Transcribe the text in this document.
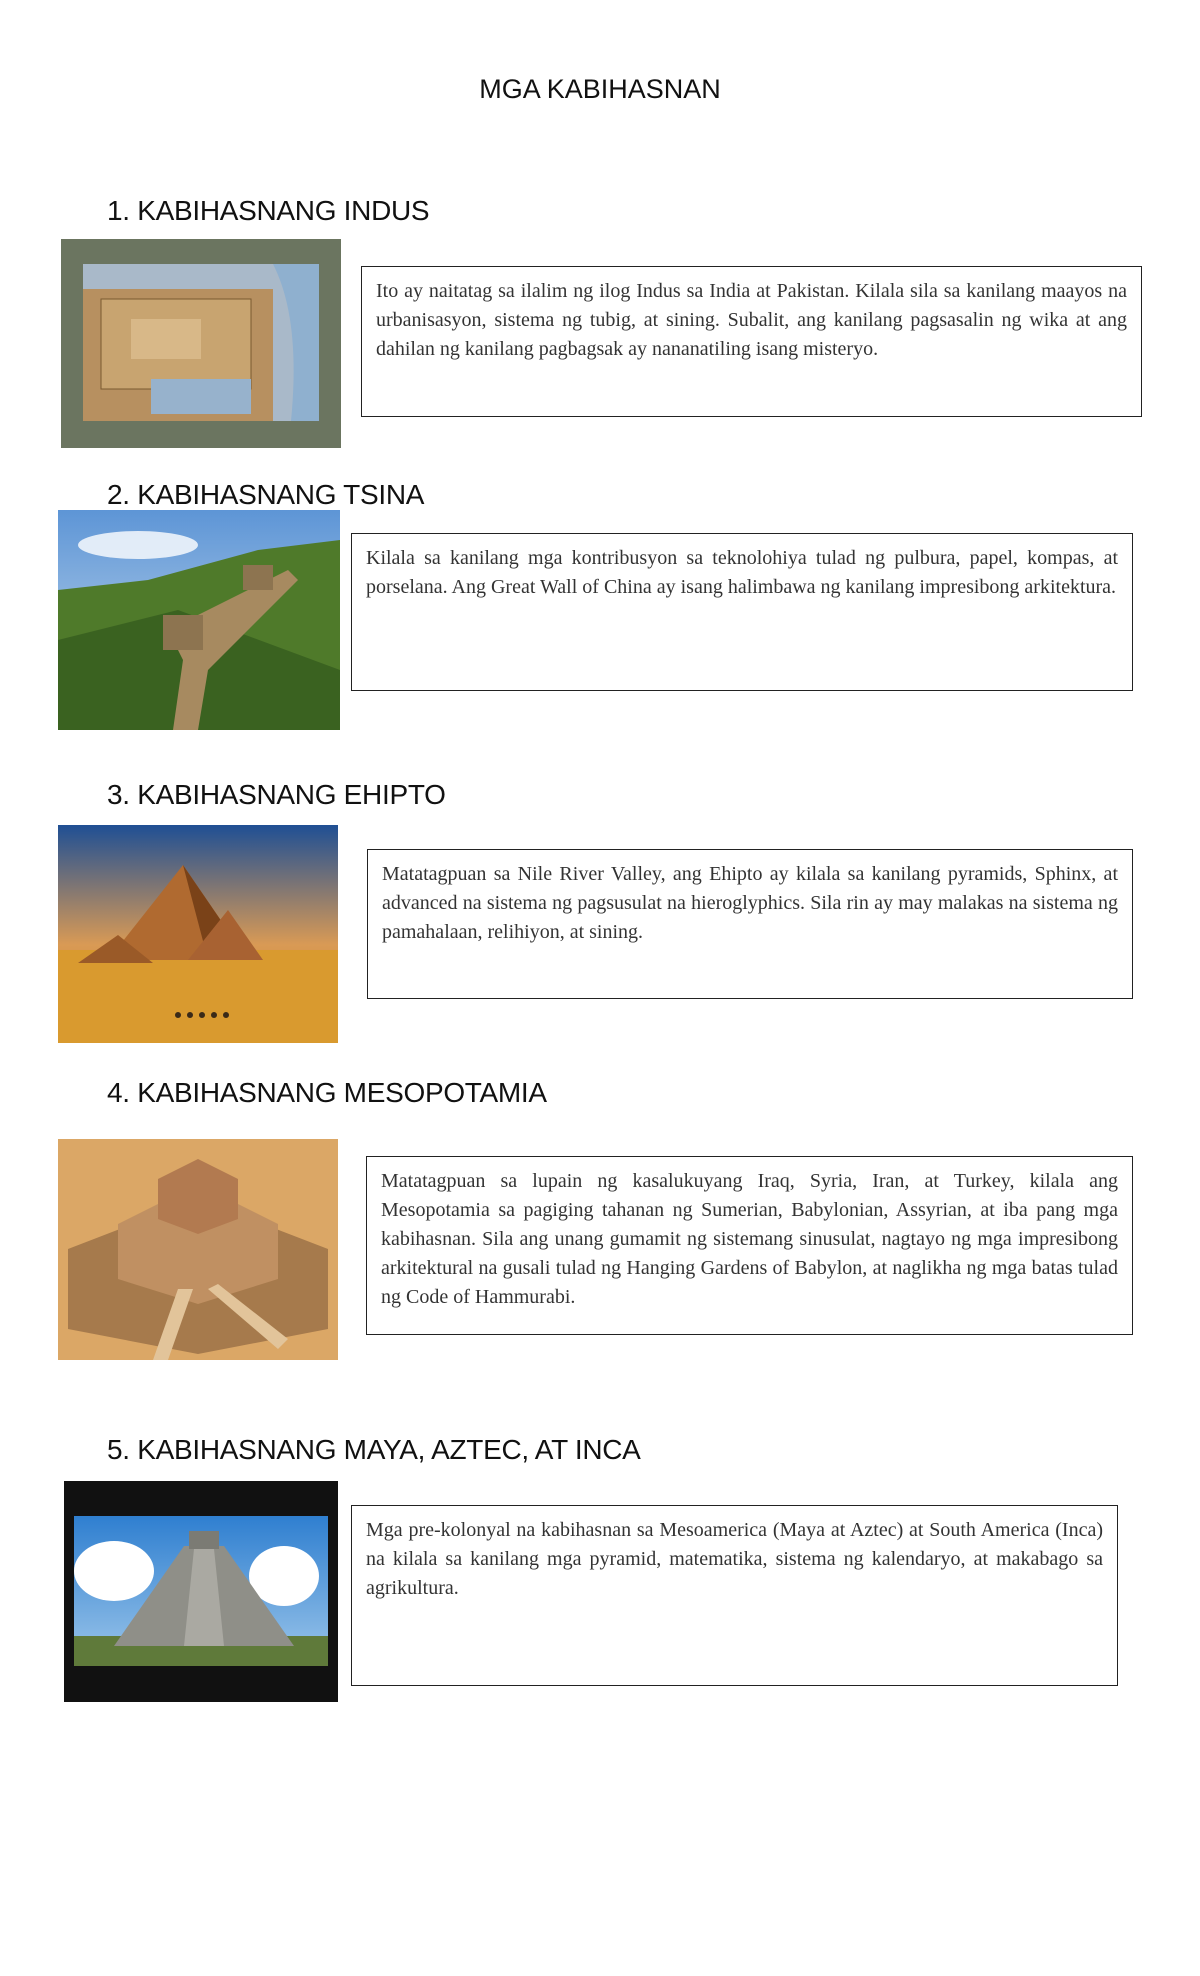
MGA KABIHASNAN
1. KABIHASNANG INDUS
Ito ay naitatag sa ilalim ng ilog Indus sa India at Pakistan. Kilala sila sa kanilang maayos na urbanisasyon, sistema ng tubig, at sining. Subalit, ang kanilang pagsasalin ng wika at ang dahilan ng kanilang pagbagsak ay nananatiling isang misteryo.
2. KABIHASNANG TSINA
Kilala sa kanilang mga kontribusyon sa teknolohiya tulad ng pulbura, papel, kompas, at porselana. Ang Great Wall of China ay isang halimbawa ng kanilang impresibong arkitektura.
3. KABIHASNANG EHIPTO
Matatagpuan sa Nile River Valley, ang Ehipto ay kilala sa kanilang pyramids, Sphinx, at advanced na sistema ng pagsusulat na hieroglyphics. Sila rin ay may malakas na sistema ng pamahalaan, relihiyon, at sining.
4. KABIHASNANG MESOPOTAMIA
Matatagpuan sa lupain ng kasalukuyang Iraq, Syria, Iran, at Turkey, kilala ang Mesopotamia sa pagiging tahanan ng Sumerian, Babylonian, Assyrian, at iba pang mga kabihasnan. Sila ang unang gumamit ng sistemang sinusulat, nagtayo ng mga impresibong arkitektural na gusali tulad ng Hanging Gardens of Babylon, at naglikha ng mga batas tulad ng Code of Hammurabi.
5. KABIHASNANG MAYA, AZTEC, AT INCA
Mga pre-kolonyal na kabihasnan sa Mesoamerica (Maya at Aztec) at South America (Inca) na kilala sa kanilang mga pyramid, matematika, sistema ng kalendaryo, at makabago sa agrikultura.
